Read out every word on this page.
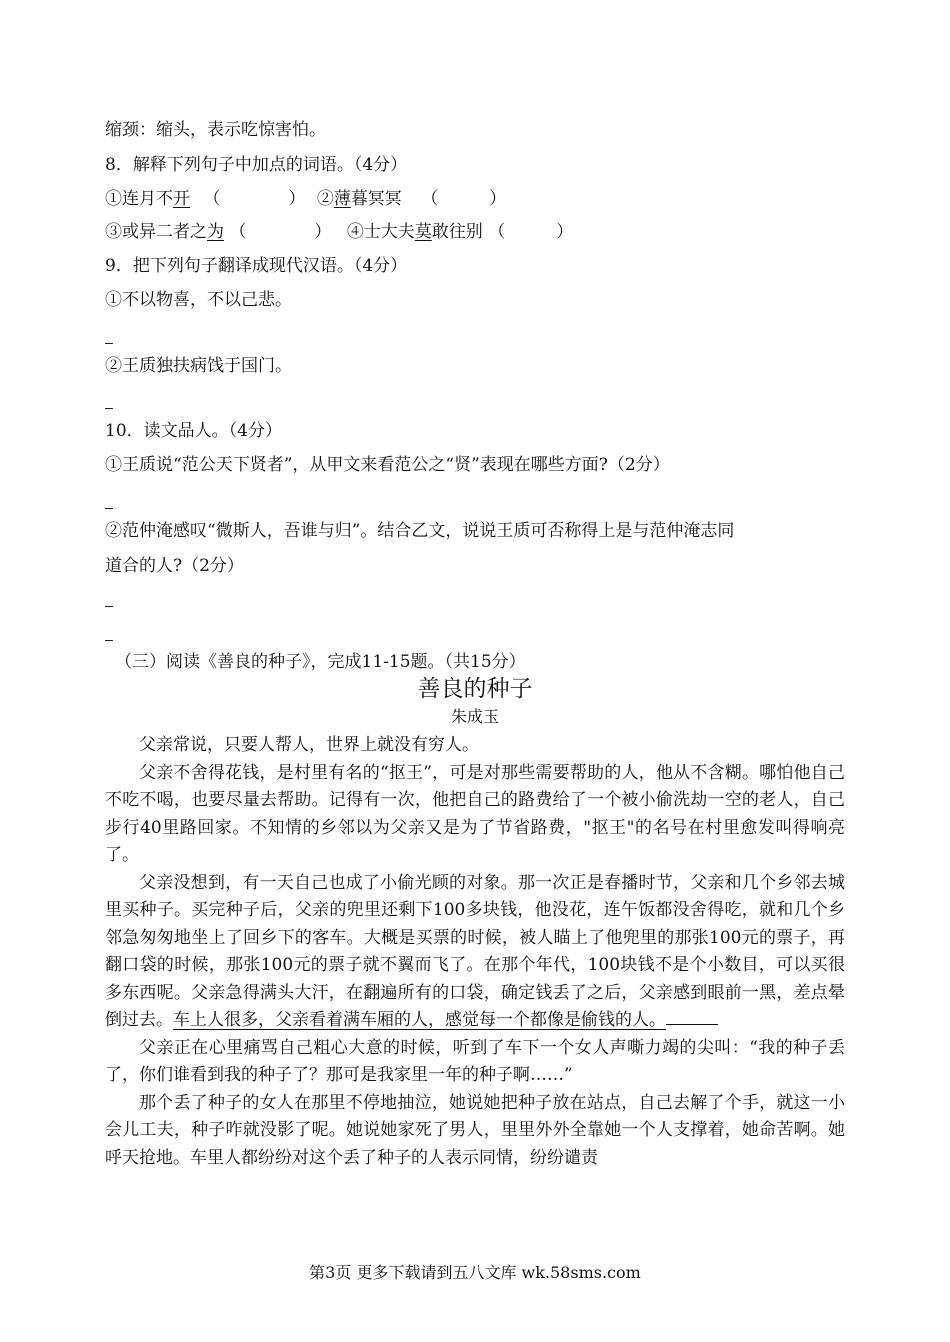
缩颈：缩头，表示吃惊害怕。
8．解释下列句子中加点的词语。（4分）
①连月不开 （　　　　） ②薄暮冥冥 （　　　）
③或异二者之为 （　　　　） ④士大夫莫敢往别 （　　　）
9．把下列句子翻译成现代汉语。（4分）
①不以物喜，不以己悲。
②王质独扶病饯于国门。
10．读文品人。（4分）
①王质说“范公天下贤者”，从甲文来看范公之“贤”表现在哪些方面?（2分）
②范仲淹感叹“微斯人，吾谁与归”。结合乙文，说说王质可否称得上是与范仲淹志同
道合的人?（2分）
（三）阅读《善良的种子》，完成11-15题。（共15分）
善良的种子
朱成玉

父亲常说，只要人帮人，世界上就没有穷人。

父亲不舍得花钱，是村里有名的“抠王”，可是对那些需要帮助的人，他从不含糊。哪怕他自己不吃不喝，也要尽量去帮助。记得有一次，他把自己的路费给了一个被小偷洗劫一空的老人，自己步行40里路回家。不知情的乡邻以为父亲又是为了节省路费，"抠王"的名号在村里愈发叫得响亮了。

父亲没想到，有一天自己也成了小偷光顾的对象。那一次正是春播时节，父亲和几个乡邻去城里买种子。买完种子后，父亲的兜里还剩下100多块钱，他没花，连午饭都没舍得吃，就和几个乡邻急匆匆地坐上了回乡下的客车。大概是买票的时候，被人瞄上了他兜里的那张100元的票子，再翻口袋的时候，那张100元的票子就不翼而飞了。在那个年代，100块钱不是个小数目，可以买很多东西呢。父亲急得满头大汗，在翻遍所有的口袋，确定钱丢了之后，父亲感到眼前一黑，差点晕倒过去。车上人很多，父亲看着满车厢的人，感觉每一个都像是偷钱的人。

父亲正在心里痛骂自己粗心大意的时候，听到了车下一个女人声嘶力竭的尖叫：“我的种子丢了，你们谁看到我的种子了？那可是我家里一年的种子啊……”

那个丢了种子的女人在那里不停地抽泣，她说她把种子放在站点，自己去解了个手，就这一小会儿工夫，种子咋就没影了呢。她说她家死了男人，里里外外全靠她一个人支撑着，她命苦啊。她呼天抢地。车里人都纷纷对这个丢了种子的人表示同情，纷纷谴责

第3页 更多下载请到五八文库 wk.58sms.com
